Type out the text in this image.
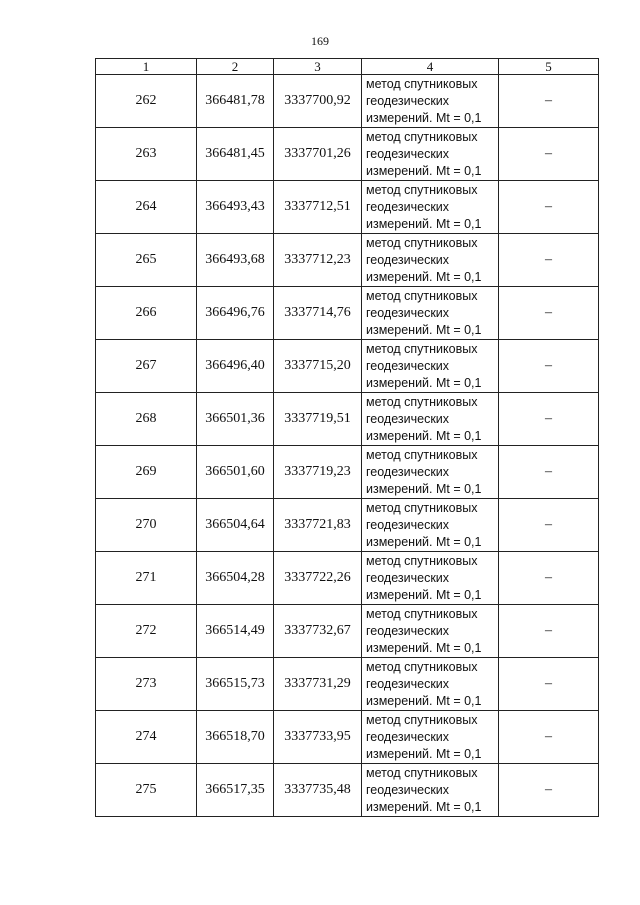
169
1	2	3	4	5
262	366481,78	3337700,92	метод спутниковых
геодезических
измерений. Mt = 0,1	–
263	366481,45	3337701,26	метод спутниковых
геодезических
измерений. Mt = 0,1	–
264	366493,43	3337712,51	метод спутниковых
геодезических
измерений. Mt = 0,1	–
265	366493,68	3337712,23	метод спутниковых
геодезических
измерений. Mt = 0,1	–
266	366496,76	3337714,76	метод спутниковых
геодезических
измерений. Mt = 0,1	–
267	366496,40	3337715,20	метод спутниковых
геодезических
измерений. Mt = 0,1	–
268	366501,36	3337719,51	метод спутниковых
геодезических
измерений. Mt = 0,1	–
269	366501,60	3337719,23	метод спутниковых
геодезических
измерений. Mt = 0,1	–
270	366504,64	3337721,83	метод спутниковых
геодезических
измерений. Mt = 0,1	–
271	366504,28	3337722,26	метод спутниковых
геодезических
измерений. Mt = 0,1	–
272	366514,49	3337732,67	метод спутниковых
геодезических
измерений. Mt = 0,1	–
273	366515,73	3337731,29	метод спутниковых
геодезических
измерений. Mt = 0,1	–
274	366518,70	3337733,95	метод спутниковых
геодезических
измерений. Mt = 0,1	–
275	366517,35	3337735,48	метод спутниковых
геодезических
измерений. Mt = 0,1	–
